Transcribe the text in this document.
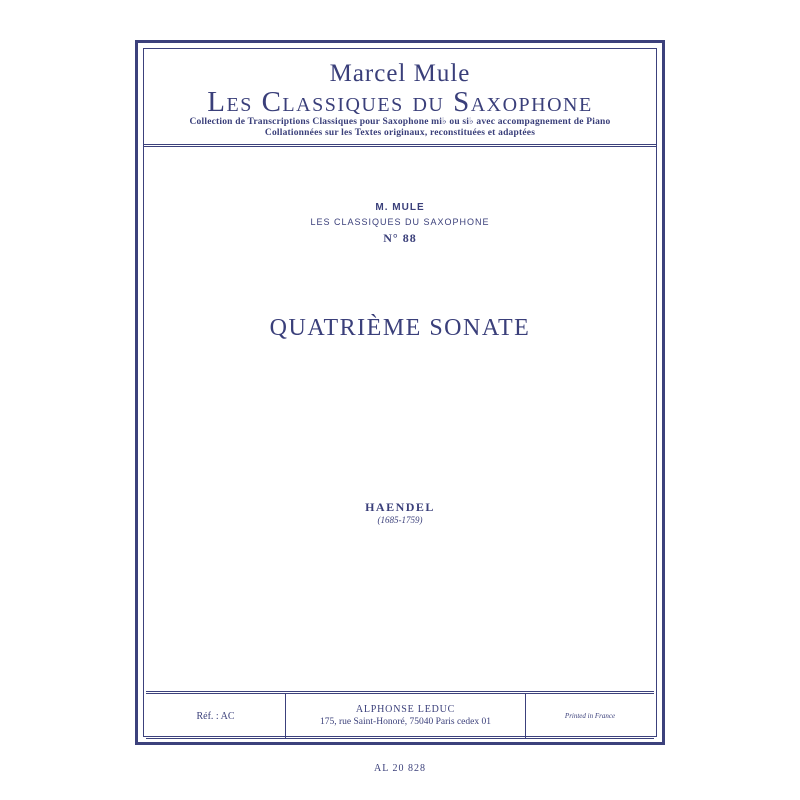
Marcel Mule
Les Classiques du Saxophone
Collection de Transcriptions Classiques pour Saxophone mi♭ ou si♭ avec accompagnement de Piano
Collationnées sur les Textes originaux, reconstituées et adaptées
M. MULE
LES CLASSIQUES DU SAXOPHONE
N° 88
QUATRIÈME SONATE
HAENDEL
(1685-1759)
Réf. : AC
ALPHONSE LEDUC
175, rue Saint-Honoré, 75040 Paris cedex 01
Printed in France
AL 20 828
